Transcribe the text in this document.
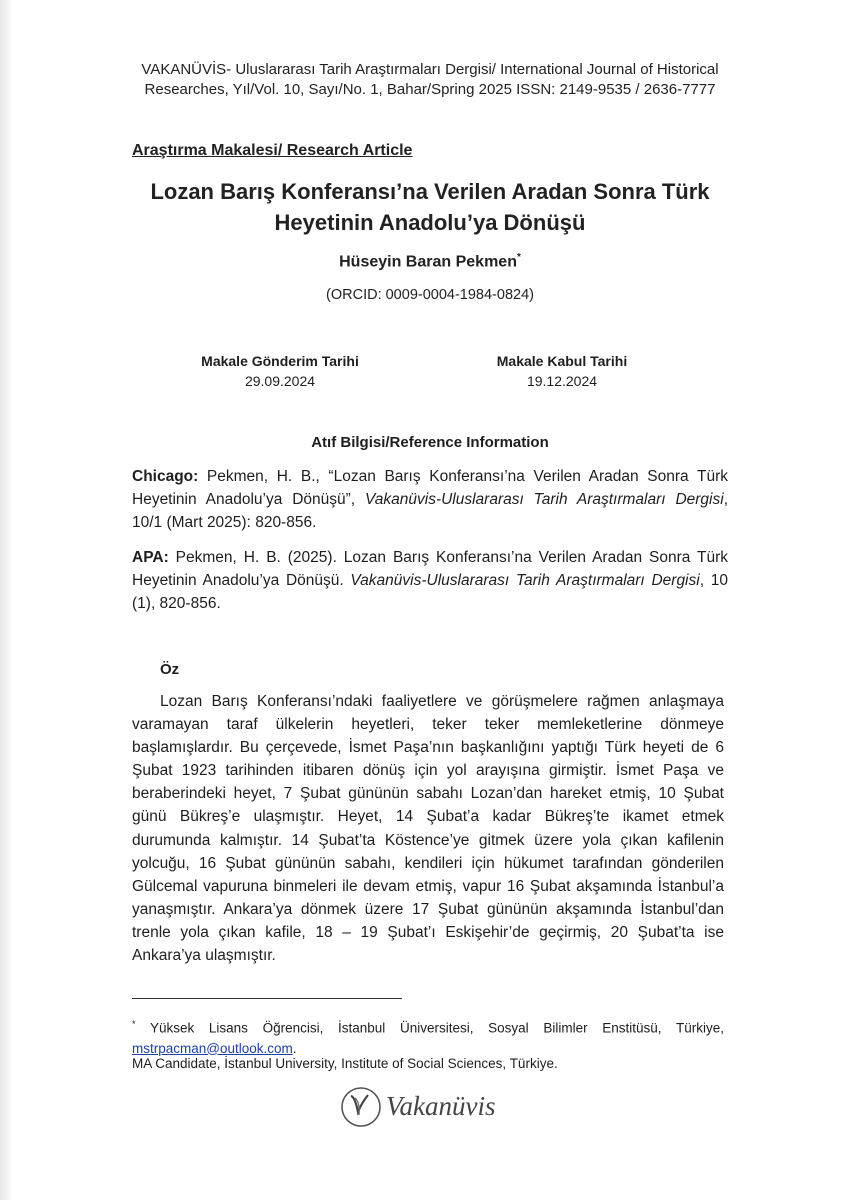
VAKANÜVİS- Uluslararası Tarih Araştırmaları Dergisi/ International Journal of Historical
Researches, Yıl/Vol. 10, Sayı/No. 1, Bahar/Spring 2025 ISSN: 2149-9535 / 2636-7777
Araştırma Makalesi/ Research Article
Lozan Barış Konferansı’na Verilen Aradan Sonra Türk
Heyetinin Anadolu’ya Dönüşü
Hüseyin Baran Pekmen*
(ORCID: 0009-0004-1984-0824)
Makale Gönderim Tarihi
29.09.2024
Makale Kabul Tarihi
19.12.2024
Atıf Bilgisi/Reference Information
Chicago: Pekmen, H. B., “Lozan Barış Konferansı’na Verilen Aradan Sonra Türk Heyetinin Anadolu’ya Dönüşü”, Vakanüvis-Uluslararası Tarih Araştırmaları Dergisi, 10/1 (Mart 2025): 820-856.
APA: Pekmen, H. B. (2025). Lozan Barış Konferansı’na Verilen Aradan Sonra Türk Heyetinin Anadolu’ya Dönüşü. Vakanüvis-Uluslararası Tarih Araştırmaları Dergisi, 10 (1), 820-856.
Öz

Lozan Barış Konferansı’ndaki faaliyetlere ve görüşmelere rağmen anlaşmaya varamayan taraf ülkelerin heyetleri, teker teker memleketlerine dönmeye başlamışlardır. Bu çerçevede, İsmet Paşa’nın başkanlığını yaptığı Türk heyeti de 6 Şubat 1923 tarihinden itibaren dönüş için yol arayışına girmiştir. İsmet Paşa ve beraberindeki heyet, 7 Şubat gününün sabahı Lozan’dan hareket etmiş, 10 Şubat günü Bükreş’e ulaşmıştır. Heyet, 14 Şubat’a kadar Bükreş’te ikamet etmek durumunda kalmıştır. 14 Şubat’ta Köstence’ye gitmek üzere yola çıkan kafilenin yolcuğu, 16 Şubat gününün sabahı, kendileri için hükumet tarafından gönderilen Gülcemal vapuruna binmeleri ile devam etmiş, vapur 16 Şubat akşamında İstanbul’a yanaşmıştır. Ankara’ya dönmek üzere 17 Şubat gününün akşamında İstanbul’dan trenle yola çıkan kafile, 18 – 19 Şubat’ı Eskişehir’de geçirmiş, 20 Şubat’ta ise Ankara’ya ulaşmıştır.

* Yüksek Lisans Öğrencisi, İstanbul Üniversitesi, Sosyal Bilimler Enstitüsü, Türkiye, mstrpacman@outlook.com.
MA Candidate, İstanbul University, Institute of Social Sciences, Türkiye.
Vakanüvis
